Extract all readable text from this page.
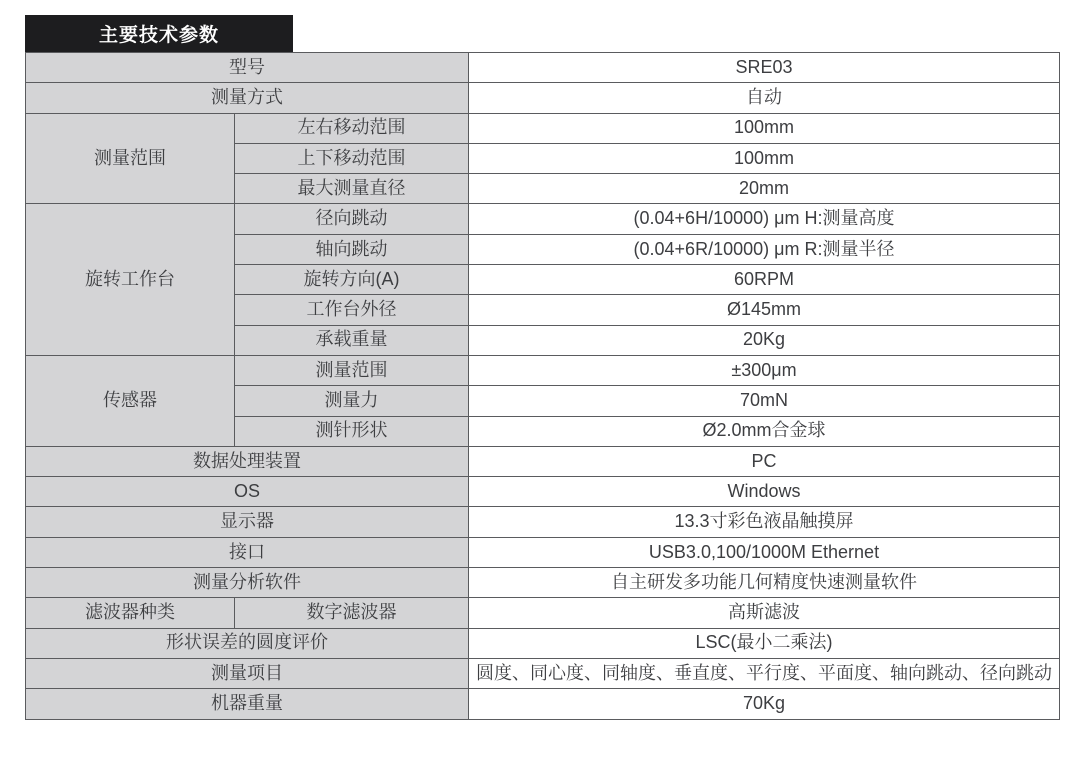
主要技术参数
型号		SRE03
测量方式		自动
测量范围	左右移动范围	100mm
	上下移动范围	100mm
	最大测量直径	20mm
旋转工作台	径向跳动	(0.04+6H/10000) μm H:测量高度
	轴向跳动	(0.04+6R/10000) μm R:测量半径
	旋转方向(A)	60RPM
	工作台外径	Ø145mm
	承载重量	20Kg
传感器	测量范围	±300μm
	测量力	70mN
	测针形状	Ø2.0mm合金球
数据处理装置		PC
OS		Windows
显示器		13.3寸彩色液晶触摸屏
接口		USB3.0,100/1000M Ethernet
测量分析软件		自主研发多功能几何精度快速测量软件
滤波器种类	数字滤波器	高斯滤波
形状误差的圆度评价		LSC(最小二乘法)
测量项目		圆度、同心度、同轴度、垂直度、平行度、平面度、轴向跳动、径向跳动
机器重量		70Kg
